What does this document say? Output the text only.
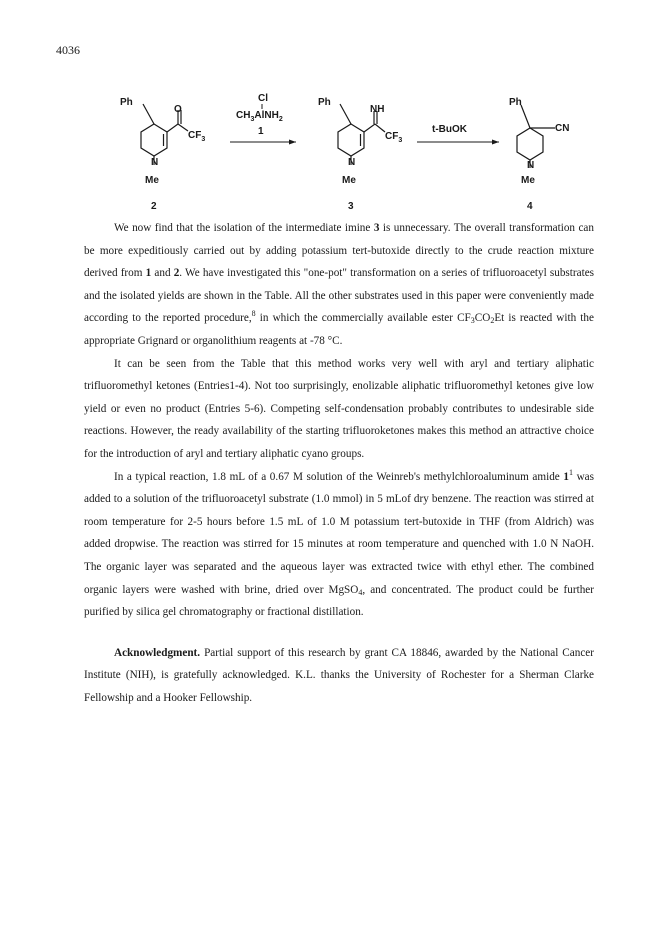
4036
Ph
O
$CF_3$
N
Me
2
Cl
$CH_3AlNH_2$
1
Ph
NH
$CF_3$
N
Me
3
t-BuOK
Ph
CN
N
Me
4

We now find that the isolation of the intermediate imine 3 is unnecessary. The overall transformation can be more expeditiously carried out by adding potassium tert-butoxide directly to the crude reaction mixture derived from 1 and 2. We have investigated this "one-pot" transformation on a series of trifluoroacetyl substrates and the isolated yields are shown in the Table. All the other substrates used in this paper were conveniently made according to the reported procedure,$^8$ in which the commercially available ester $CF_3CO_2Et$ is reacted with the appropriate Grignard or organolithium reagents at -78 °C.

It can be seen from the Table that this method works very well with aryl and tertiary aliphatic trifluoromethyl ketones (Entries1-4). Not too surprisingly, enolizable aliphatic trifluoromethyl ketones give low yield or even no product (Entries 5-6). Competing self-condensation probably contributes to undesirable side reactions. However, the ready availability of the starting trifluoroketones makes this method an attractive choice for the introduction of aryl and tertiary aliphatic cyano groups.

In a typical reaction, 1.8 mL of a 0.67 M solution of the Weinreb's methylchloroaluminum amide $1^1$ was added to a solution of the trifluoroacetyl substrate (1.0 mmol) in 5 mLof dry benzene. The reaction was stirred at room temperature for 2-5 hours before 1.5 mL of 1.0 M potassium tert-butoxide in THF (from Aldrich) was added dropwise. The reaction was stirred for 15 minutes at room temperature and quenched with 1.0 N NaOH. The organic layer was separated and the aqueous layer was extracted twice with ethyl ether. The combined organic layers were washed with brine, dried over MgSO$_4$, and concentrated. The product could be further purified by silica gel chromatography or fractional distillation.

Acknowledgment. Partial support of this research by grant CA 18846, awarded by the National Cancer Institute (NIH), is gratefully acknowledged. K.L. thanks the University of Rochester for a Sherman Clarke Fellowship and a Hooker Fellowship.
